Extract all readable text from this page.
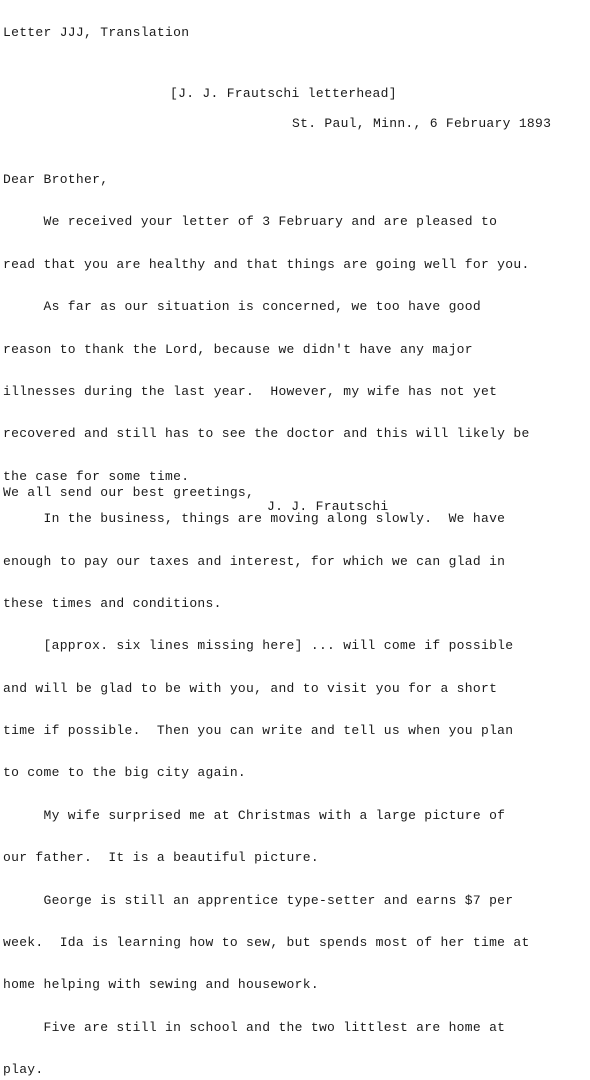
Letter JJJ, Translation
[J. J. Frautschi letterhead]
St. Paul, Minn., 6 February 1893

Dear Brother,

We received your letter of 3 February and are pleased to

read that you are healthy and that things are going well for you.

As far as our situation is concerned, we too have good

reason to thank the Lord, because we didn't have any major

illnesses during the last year.  However, my wife has not yet

recovered and still has to see the doctor and this will likely be

the case for some time.

In the business, things are moving along slowly.  We have

enough to pay our taxes and interest, for which we can glad in

these times and conditions.

[approx. six lines missing here] ... will come if possible

and will be glad to be with you, and to visit you for a short

time if possible.  Then you can write and tell us when you plan

to come to the big city again.

My wife surprised me at Christmas with a large picture of

our father.  It is a beautiful picture.

George is still an apprentice type-setter and earns $7 per

week.  Ida is learning how to sew, but spends most of her time at

home helping with sewing and housework.

Five are still in school and the two littlest are home at

play.

We all send our best greetings,
J. J. Frautschi
